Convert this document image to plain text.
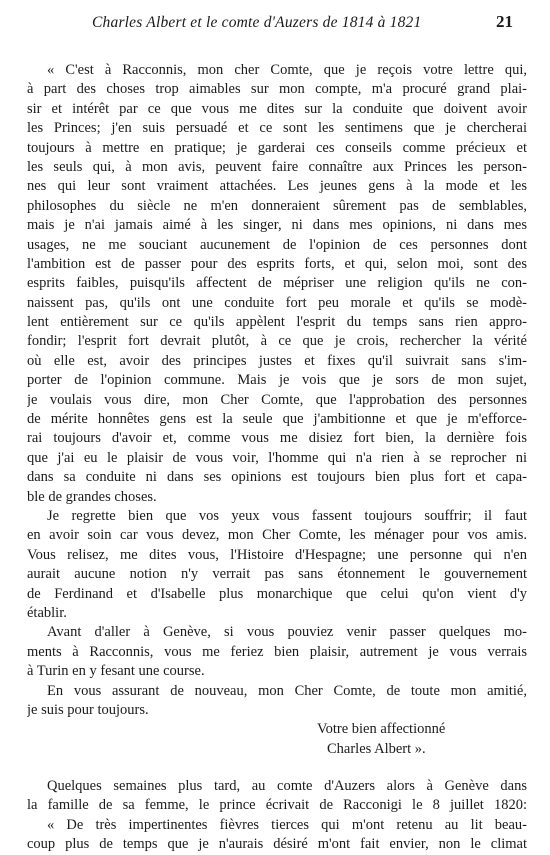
Charles Albert et le comte d'Auzers de 1814 à 1821	21
« C'est à Racconnis, mon cher Comte, que je reçois votre lettre qui,
à part des choses trop aimables sur mon compte, m'a procuré grand plai-
sir et intérêt par ce que vous me dites sur la conduite que doivent avoir
les Princes; j'en suis persuadé et ce sont les sentimens que je chercherai
toujours à mettre en pratique; je garderai ces conseils comme précieux et
les seuls qui, à mon avis, peuvent faire connaître aux Princes les person-
nes qui leur sont vraiment attachées. Les jeunes gens à la mode et les
philosophes du siècle ne m'en donneraient sûrement pas de semblables,
mais je n'ai jamais aimé à les singer, ni dans mes opinions, ni dans mes
usages, ne me souciant aucunement de l'opinion de ces personnes dont
l'ambition est de passer pour des esprits forts, et qui, selon moi, sont des
esprits faibles, puisqu'ils affectent de mépriser une religion qu'ils ne con-
naissent pas, qu'ils ont une conduite fort peu morale et qu'ils se modè-
lent entièrement sur ce qu'ils appèlent l'esprit du temps sans rien appro-
fondir; l'esprit fort devrait plutôt, à ce que je crois, rechercher la vérité
où elle est, avoir des principes justes et fixes qu'il suivrait sans s'im-
porter de l'opinion commune. Mais je vois que je sors de mon sujet,
je voulais vous dire, mon Cher Comte, que l'approbation des personnes
de mérite honnêtes gens est la seule que j'ambitionne et que je m'efforce-
rai toujours d'avoir et, comme vous me disiez fort bien, la dernière fois
que j'ai eu le plaisir de vous voir, l'homme qui n'a rien à se reprocher ni
dans sa conduite ni dans ses opinions est toujours bien plus fort et capa-
ble de grandes choses.
Je regrette bien que vos yeux vous fassent toujours souffrir; il faut
en avoir soin car vous devez, mon Cher Comte, les ménager pour vos amis.
Vous relisez, me dites vous, l'Histoire d'Hespagne; une personne qui n'en
aurait aucune notion n'y verrait pas sans étonnement le gouvernement
de Ferdinand et d'Isabelle plus monarchique que celui qu'on vient d'y
établir.
Avant d'aller à Genève, si vous pouviez venir passer quelques mo-
ments à Racconnis, vous me feriez bien plaisir, autrement je vous verrais
à Turin en y fesant une course.
En vous assurant de nouveau, mon Cher Comte, de toute mon amitié,
je suis pour toujours.
Votre bien affectionné
Charles Albert ».
Quelques semaines plus tard, au comte d'Auzers alors à Genève dans
la famille de sa femme, le prince écrivait de Racconigi le 8 juillet 1820:
« De très impertinentes fièvres tierces qui m'ont retenu au lit beau-
coup plus de temps que je n'aurais désiré m'ont fait envier, non le climat
